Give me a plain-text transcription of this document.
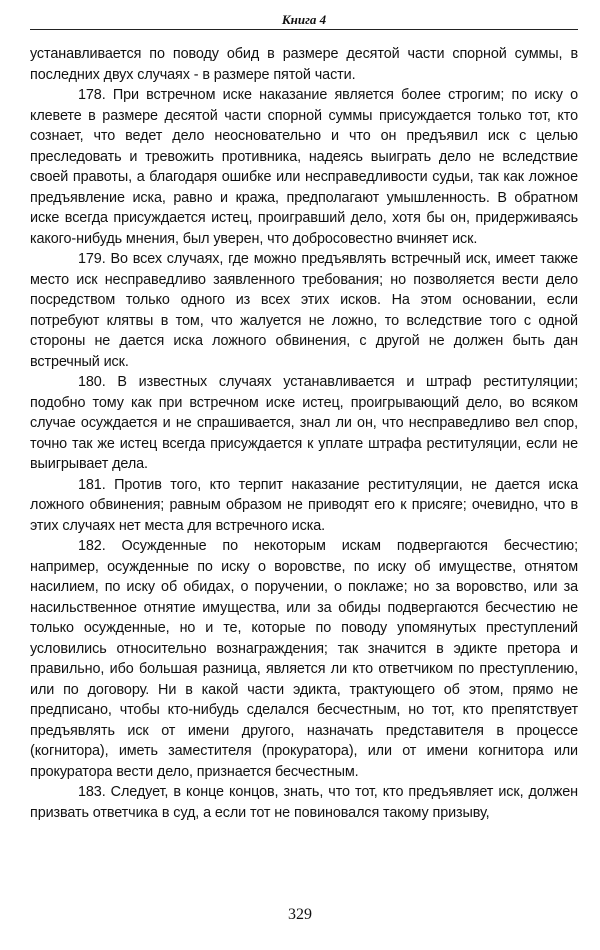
Книга 4

устанавливается по поводу обид в размере десятой части спорной суммы, в последних двух случаях - в размере пятой части.

178. При встречном иске наказание является более строгим; по иску о клевете в размере десятой части спорной суммы присуждается только тот, кто сознает, что ведет дело неосновательно и что он предъявил иск с целью преследовать и тревожить противника, надеясь выиграть дело не вследствие своей правоты, а благодаря ошибке или несправедливости судьи, так как ложное предъявление иска, равно и кража, предполагают умышленность. В обратном иске всегда присуждается истец, проигравший дело, хотя бы он, придерживаясь какого-нибудь мнения, был уверен, что добросовестно вчиняет иск.

179. Во всех случаях, где можно предъявлять встречный иск, имеет также место иск несправедливо заявленного требования; но позволяется вести дело посредством только одного из всех этих исков. На этом основании, если потребуют клятвы в том, что жалуется не ложно, то вследствие того с одной стороны не дается иска ложного обвинения, с другой не должен быть дан встречный иск.

180. В известных случаях устанавливается и штраф реституляции; подобно тому как при встречном иске истец, проигрывающий дело, во всяком случае осуждается и не спрашивается, знал ли он, что несправедливо вел спор, точно так же истец всегда присуждается к уплате штрафа реституляции, если не выигрывает дела.

181. Против того, кто терпит наказание реституляции, не дается иска ложного обвинения; равным образом не приводят его к присяге; очевидно, что в этих случаях нет места для встречного иска.

182. Осужденные по некоторым искам подвергаются бесчестию; например, осужденные по иску о воровстве, по иску об имуществе, отнятом насилием, по иску об обидах, о поручении, о поклаже; но за воровство, или за насильственное отнятие имущества, или за обиды подвергаются бесчестию не только осужденные, но и те, которые по поводу упомянутых преступлений условились относительно вознаграждения; так значится в эдикте претора и правильно, ибо большая разница, является ли кто ответчиком по преступлению, или по договору. Ни в какой части эдикта, трактующего об этом, прямо не предписано, чтобы кто-нибудь сделался бесчестным, но тот, кто препятствует предъявлять иск от имени другого, назначать представителя в процессе (когнитора), иметь заместителя (прокуратора), или от имени когнитора или прокуратора вести дело, признается бесчестным.

183. Следует, в конце концов, знать, что тот, кто предъявляет иск, должен призвать ответчика в суд, а если тот не повиновался такому призыву,

329
